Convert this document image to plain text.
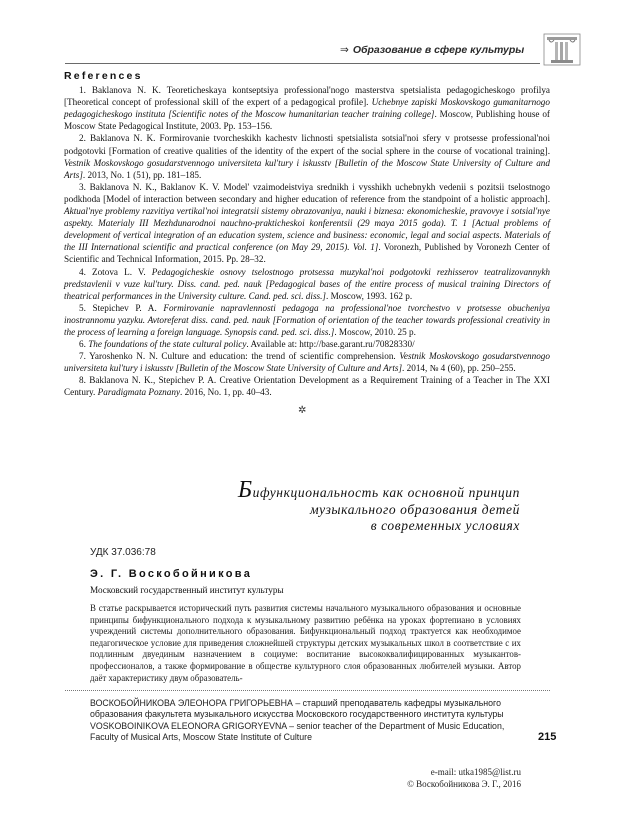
⇒ Образование в сфере культуры
References

1. Baklanova N. K. Teoreticheskaya kontseptsiya professional'nogo masterstva spetsialista pedagogicheskogo profilya [Theoretical concept of professional skill of the expert of a pedagogical profile]. Uchebnye zapiski Moskovskogo gumanitarnogo pedagogicheskogo instituta [Scientific notes of the Moscow humanitarian teacher training college]. Moscow, Publishing house of Moscow State Pedagogical Institute, 2003. Pp. 153–156.

2. Baklanova N. K. Formirovanie tvorcheskikh kachestv lichnosti spetsialista sotsial'noi sfery v protsesse professional'noi podgotovki [Formation of creative qualities of the identity of the expert of the social sphere in the course of vocational training]. Vestnik Moskovskogo gosudarstvennogo universiteta kul'tury i iskusstv [Bulletin of the Moscow State University of Culture and Arts]. 2013, No. 1 (51), pp. 181–185.

3. Baklanova N. K., Baklanov K. V. Model' vzaimodeistviya srednikh i vysshikh uchebnykh vedenii s pozitsii tselostnogo podkhoda [Model of interaction between secondary and higher education of reference from the standpoint of a holistic approach]. Aktual'nye problemy razvitiya vertikal'noi integratsii sistemy obrazovaniya, nauki i biznesa: ekonomicheskie, pravovye i sotsial'nye aspekty. Materialy III Mezhdunarodnoi nauchno-prakticheskoi konferentsii (29 maya 2015 goda). T. 1 [Actual problems of development of vertical integration of an education system, science and business: economic, legal and social aspects. Materials of the III International scientific and practical conference (on May 29, 2015). Vol. 1]. Voronezh, Published by Voronezh Center of Scientific and Technical Information, 2015. Pp. 28–32.

4. Zotova L. V. Pedagogicheskie osnovy tselostnogo protsessa muzykal'noi podgotovki rezhisserov teatralizovannykh predstavlenii v vuze kul'tury. Diss. cand. ped. nauk [Pedagogical bases of the entire process of musical training Directors of theatrical performances in the University culture. Cand. ped. sci. diss.]. Moscow, 1993. 162 p.

5. Stepichev P. A. Formirovanie napravlennosti pedagoga na professional'noe tvorchestvo v protsesse obucheniya inostrannomu yazyku. Avtoreferat diss. cand. ped. nauk [Formation of orientation of the teacher towards professional creativity in the process of learning a foreign language. Synopsis cand. ped. sci. diss.]. Moscow, 2010. 25 p.

6. The foundations of the state cultural policy. Available at: http://base.garant.ru/70828330/

7. Yaroshenko N. N. Culture and education: the trend of scientific comprehension. Vestnik Moskovskogo gosudarstvennogo universiteta kul'tury i iskusstv [Bulletin of the Moscow State University of Culture and Arts]. 2014, № 4 (60), pp. 250–255.

8. Baklanova N. K., Stepichev P. A. Creative Orientation Development as a Requirement Training of a Teacher in The XXI Century. Paradigmata Poznany. 2016, No. 1, pp. 40–43.

✲
Бифункциональность как основной принцип
музыкального образования детей
в современных условиях
УДК 37.036:78
Э. Г. Воскобойникова
Московский государственный институт культуры

В статье раскрывается исторический путь развития системы начального музыкального образования и основные принципы бифункционального подхода к музыкальному развитию ребёнка на уроках фортепиано в условиях учреждений системы дополнительного образования. Бифункциональный подход трактуется как необходимое педагогическое условие для приведения сложнейшей структуры детских музыкальных школ в соответствие с их подлинным двуединым назначением в социуме: воспитание высококвалифицированных музыкантов-профессионалов, а также формирование в обществе культурного слоя образованных любителей музыки. Автор даёт характеристику двум образователь-

ВОСКОБОЙНИКОВА ЭЛЕОНОРА ГРИГОРЬЕВНА – старший преподаватель кафедры музыкального образования факультета музыкального искусства Московского государственного института культуры

VOSKOBOINIKOVA ELEONORA GRIGORYEVNA – senior teacher of the Department of Music Education, Faculty of Musical Arts, Moscow State Institute of Culture	215
e-mail: utka1985@list.ru
© Воскобойникова Э. Г., 2016
